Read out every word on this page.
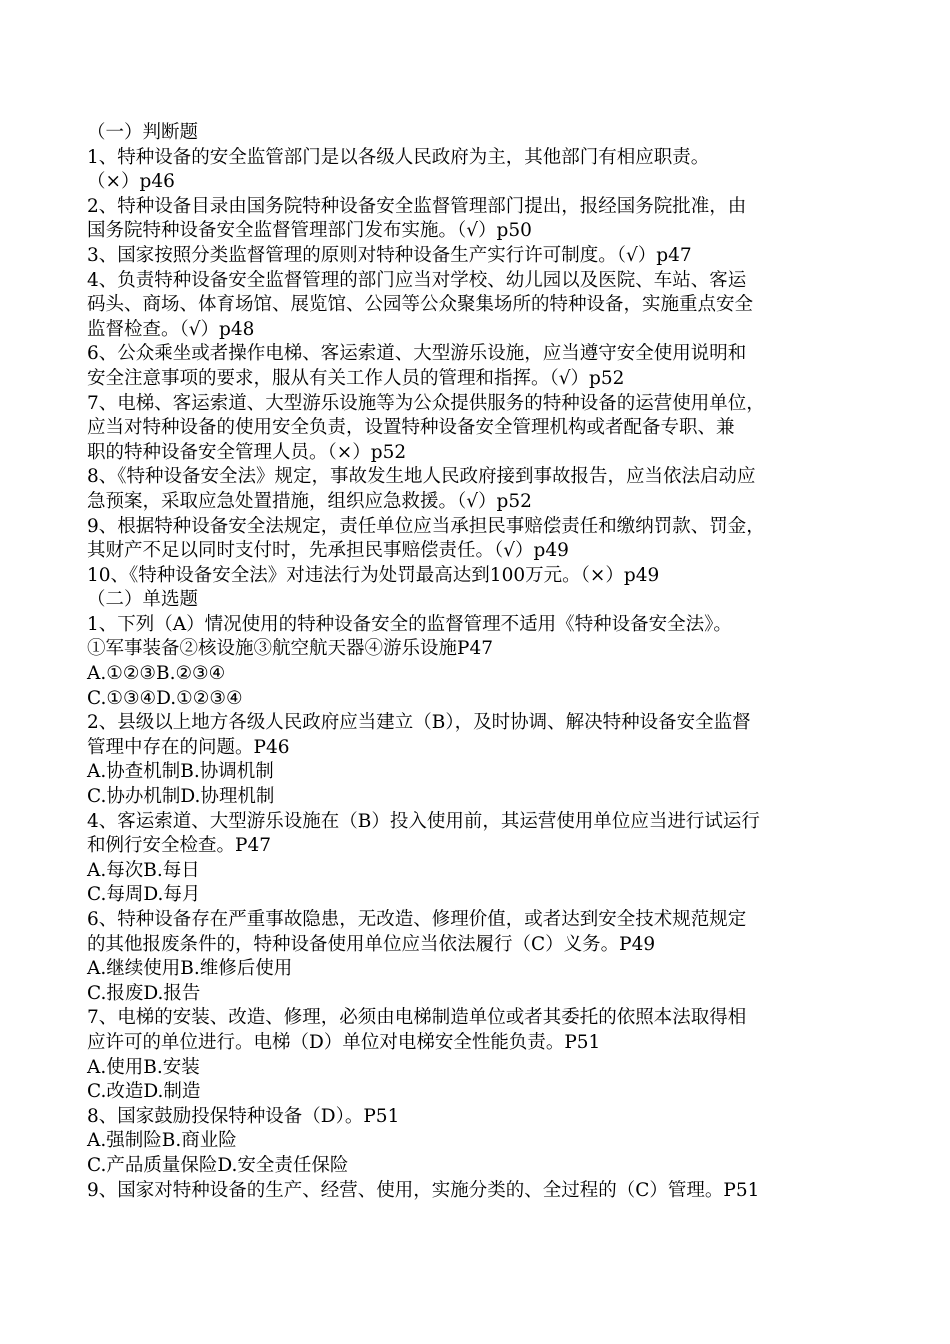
（一）判断题
1、特种设备的安全监管部门是以各级人民政府为主，其他部门有相应职责。
（×）p46
2、特种设备目录由国务院特种设备安全监督管理部门提出，报经国务院批准，由
国务院特种设备安全监督管理部门发布实施。（√）p50
3、国家按照分类监督管理的原则对特种设备生产实行许可制度。（√）p47
4、负责特种设备安全监督管理的部门应当对学校、幼儿园以及医院、车站、客运
码头、商场、体育场馆、展览馆、公园等公众聚集场所的特种设备，实施重点安全
监督检查。（√）p48
6、公众乘坐或者操作电梯、客运索道、大型游乐设施，应当遵守安全使用说明和
安全注意事项的要求，服从有关工作人员的管理和指挥。（√）p52
7、电梯、客运索道、大型游乐设施等为公众提供服务的特种设备的运营使用单位，
应当对特种设备的使用安全负责，设置特种设备安全管理机构或者配备专职、兼
职的特种设备安全管理人员。（×）p52
8、《特种设备安全法》规定，事故发生地人民政府接到事故报告，应当依法启动应
急预案，采取应急处置措施，组织应急救援。（√）p52
9、根据特种设备安全法规定，责任单位应当承担民事赔偿责任和缴纳罚款、罚金，
其财产不足以同时支付时，先承担民事赔偿责任。（√）p49
10、《特种设备安全法》对违法行为处罚最高达到100万元。（×）p49
（二）单选题
1、下列（A）情况使用的特种设备安全的监督管理不适用《特种设备安全法》。
①军事装备②核设施③航空航天器④游乐设施P47
A.①②③B.②③④
C.①③④D.①②③④
2、县级以上地方各级人民政府应当建立（B），及时协调、解决特种设备安全监督
管理中存在的问题。P46
A.协查机制B.协调机制
C.协办机制D.协理机制
4、客运索道、大型游乐设施在（B）投入使用前，其运营使用单位应当进行试运行
和例行安全检查。P47
A.每次B.每日
C.每周D.每月
6、特种设备存在严重事故隐患，无改造、修理价值，或者达到安全技术规范规定
的其他报废条件的，特种设备使用单位应当依法履行（C）义务。P49
A.继续使用B.维修后使用
C.报废D.报告
7、电梯的安装、改造、修理，必须由电梯制造单位或者其委托的依照本法取得相
应许可的单位进行。电梯（D）单位对电梯安全性能负责。P51
A.使用B.安装
C.改造D.制造
8、国家鼓励投保特种设备（D）。P51
A.强制险B.商业险
C.产品质量保险D.安全责任保险
9、国家对特种设备的生产、经营、使用，实施分类的、全过程的（C）管理。P51
